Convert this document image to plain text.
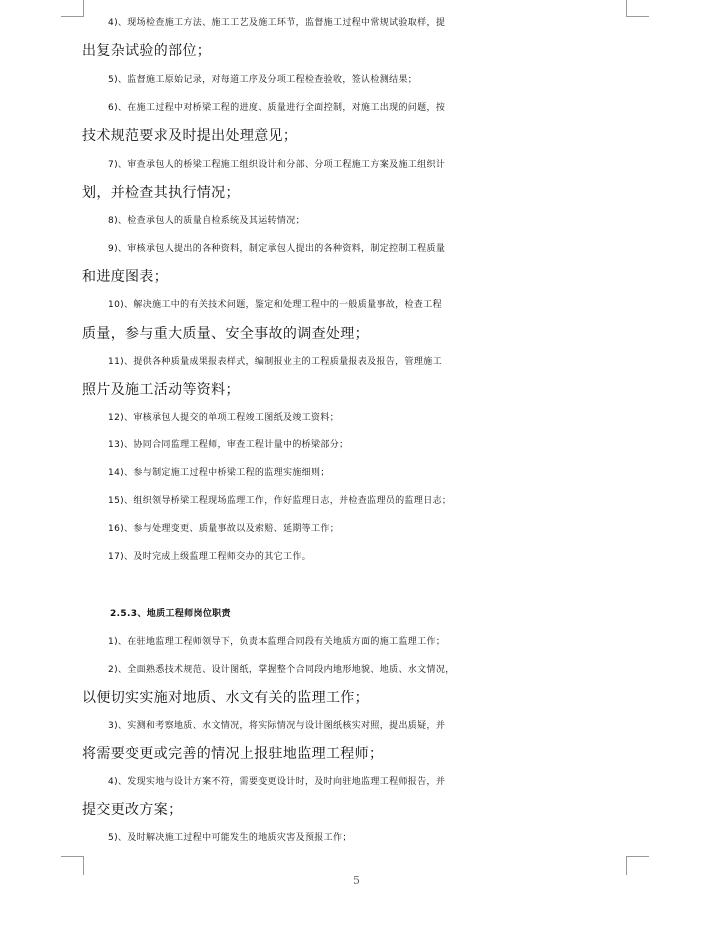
4)、现场检查施工方法、施工工艺及施工环节，监督施工过程中常规试验取样，提
出复杂试验的部位；
5)、监督施工原始记录，对每道工序及分项工程检查验收，签认检测结果；
6)、在施工过程中对桥梁工程的进度、质量进行全面控制，对施工出现的问题，按
技术规范要求及时提出处理意见；
7)、审查承包人的桥梁工程施工组织设计和分部、分项工程施工方案及施工组织计
划，并检查其执行情况；
8)、检查承包人的质量自检系统及其运转情况；
9)、审核承包人提出的各种资料，制定承包人提出的各种资料，制定控制工程质量
和进度图表；
10)、解决施工中的有关技术问题，鉴定和处理工程中的一般质量事故，检查工程
质量，参与重大质量、安全事故的调查处理；
11)、提供各种质量成果报表样式，编制报业主的工程质量报表及报告，管理施工
照片及施工活动等资料；
12)、审核承包人提交的单项工程竣工图纸及竣工资料；
13)、协同合同监理工程师，审查工程计量中的桥梁部分；
14)、参与制定施工过程中桥梁工程的监理实施细则；
15)、组织领导桥梁工程现场监理工作，作好监理日志，并检查监理员的监理日志；
16)、参与处理变更、质量事故以及索赔、延期等工作；
17)、及时完成上级监理工程师交办的其它工作。
2.5.3、地质工程师岗位职责
1)、在驻地监理工程师领导下，负责本监理合同段有关地质方面的施工监理工作；
2)、全面熟悉技术规范、设计图纸，掌握整个合同段内地形地貌、地质、水文情况，
以便切实实施对地质、水文有关的监理工作；
3)、实测和考察地质、水文情况，将实际情况与设计图纸核实对照，提出质疑，并
将需要变更或完善的情况上报驻地监理工程师；
4)、发现实地与设计方案不符，需要变更设计时，及时向驻地监理工程师报告，并
提交更改方案；
5)、及时解决施工过程中可能发生的地质灾害及预报工作；
5
